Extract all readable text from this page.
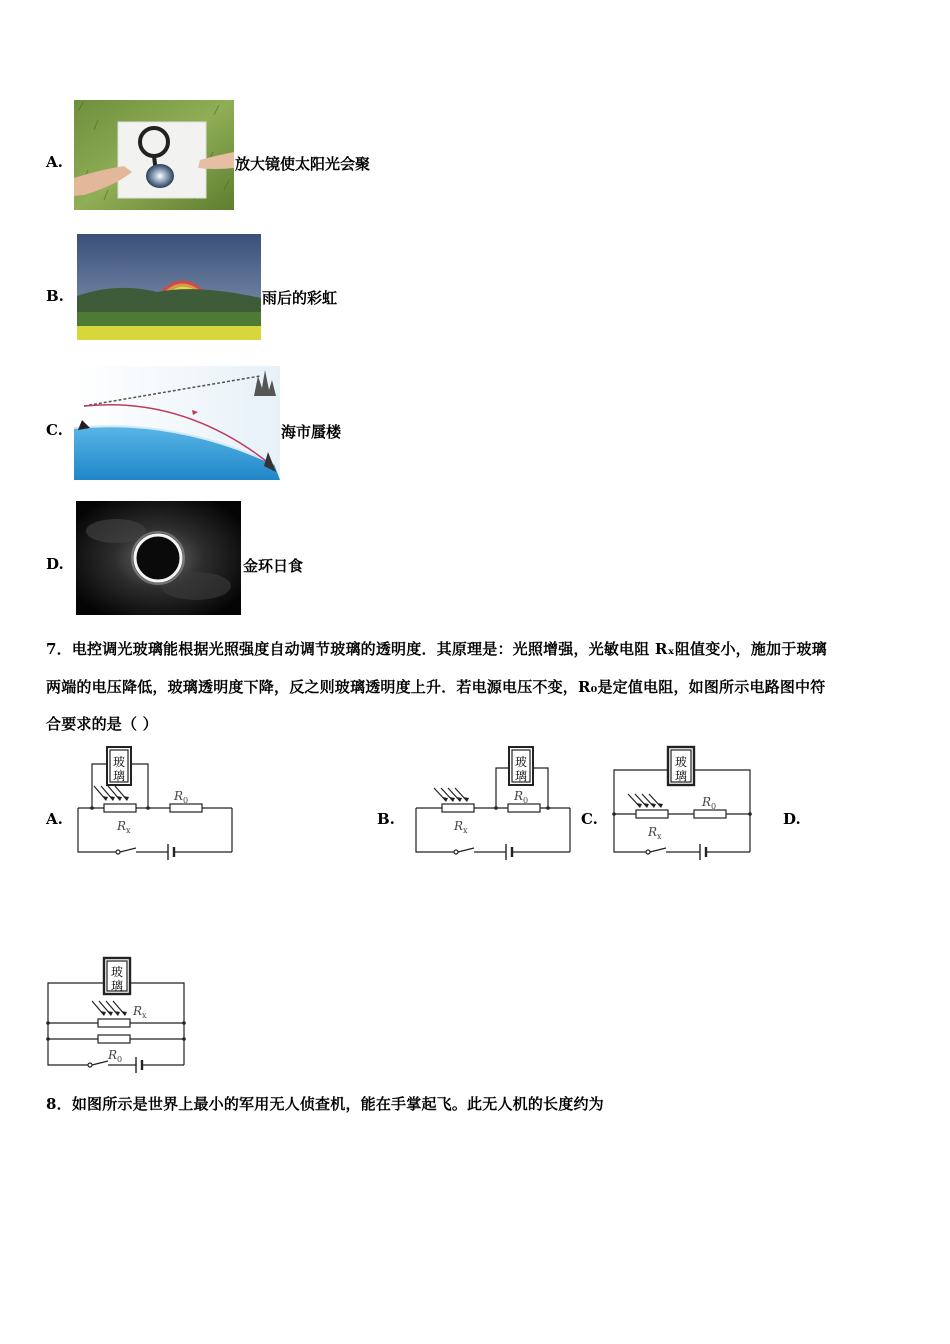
A.	放大镜使太阳光会聚
B.	雨后的彩虹
C.	海市蜃楼
D.	金环日食
7．电控调光玻璃能根据光照强度自动调节玻璃的透明度．其原理是：光照增强，光敏电阻 Rₓ阻值变小，施加于玻璃
两端的电压降低，玻璃透明度下降，反之则玻璃透明度上升．若电源电压不变，R₀是定值电阻，如图所示电路图中符
合要求的是（ ）
A.	B.	C.	D.
玻
璃
R 0
R x
玻
璃
R 0
R x
玻
璃
R 0
R x
玻
璃
R x
R 0
8．如图所示是世界上最小的军用无人侦查机，能在手掌起飞。此无人机的长度约为
